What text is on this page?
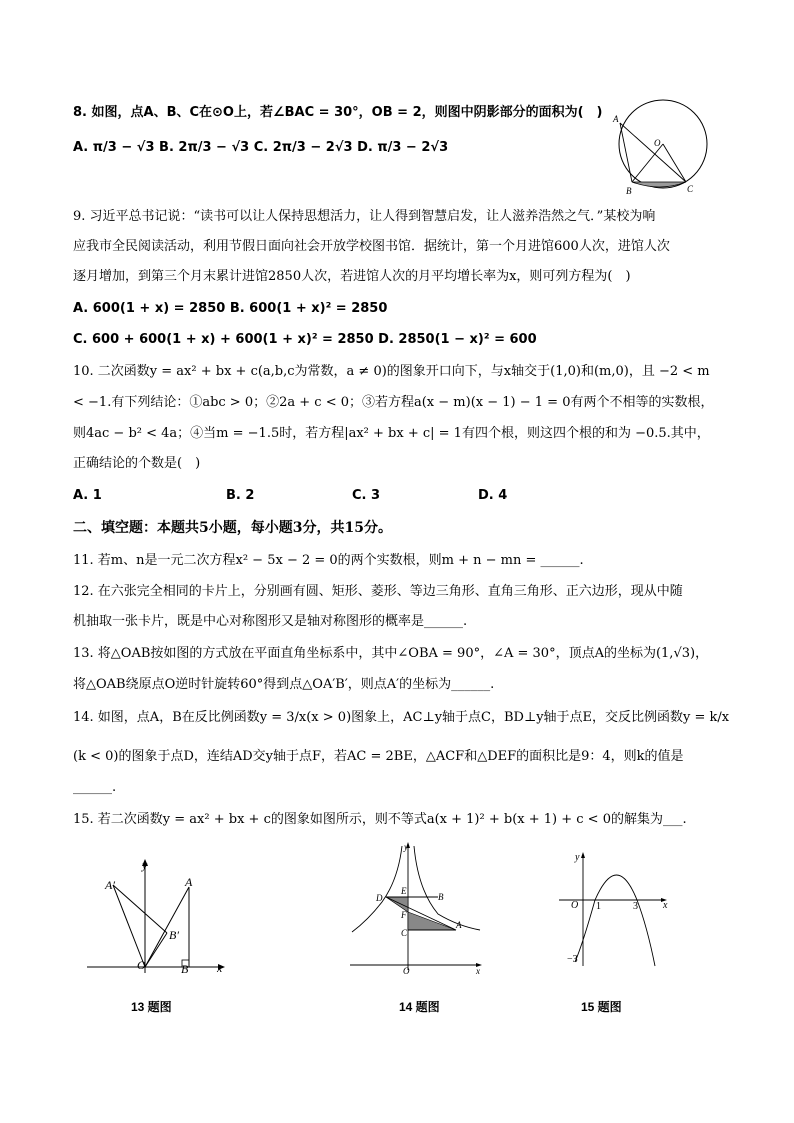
8. 如图，点A、B、C在⊙O上，若∠BAC = 30°，OB = 2，则图中阴影部分的面积为(　)
A. π/3 − √3 B. 2π/3 − √3 C. 2π/3 − 2√3 D. π/3 − 2√3
A
O
B	C
9. 习近平总书记说：“读书可以让人保持思想活力，让人得到智慧启发，让人滋养浩然之气．”某校为响
应我市全民阅读活动，利用节假日面向社会开放学校图书馆．据统计，第一个月进馆600人次，进馆人次
逐月增加，到第三个月末累计进馆2850人次，若进馆人次的月平均增长率为x，则可列方程为(　)
A. 600(1 + x) = 2850 B. 600(1 + x)² = 2850
C. 600 + 600(1 + x) + 600(1 + x)² = 2850 D. 2850(1 − x)² = 600
10. 二次函数y = ax² + bx + c(a,b,c为常数，a ≠ 0)的图象开口向下，与x轴交于(1,0)和(m,0)，且 −2 < m
< −1.有下列结论：①abc > 0；②2a + c < 0；③若方程a(x − m)(x − 1) − 1 = 0有两个不相等的实数根，
则4ac − b² < 4a；④当m = −1.5时，若方程|ax² + bx + c| = 1有四个根，则这四个根的和为 −0.5.其中，
正确结论的个数是(　)
A. 1	B. 2	C. 3	D. 4
二、填空题：本题共5小题，每小题3分，共15分。
11. 若m、n是一元二次方程x² − 5x − 2 = 0的两个实数根，则m + n − mn = ______.
12. 在六张完全相同的卡片上，分别画有圆、矩形、菱形、等边三角形、直角三角形、正六边形，现从中随
机抽取一张卡片，既是中心对称图形又是轴对称图形的概率是______.
13. 将△OAB按如图的方式放在平面直角坐标系中，其中∠OBA = 90°，∠A = 30°，顶点A的坐标为(1,√3)，
将△OAB绕原点O逆时针旋转60°得到点△OA′B′，则点A′的坐标为______.
14. 如图，点A，B在反比例函数y = 3/x(x > 0)图象上，AC⊥y轴于点C，BD⊥y轴于点E，交反比例函数y = k/x
(k < 0)的图象于点D，连结AD交y轴于点F，若AC = 2BE，△ACF和△DEF的面积比是9：4，则k的值是
______.
15. 若二次函数y = ax² + bx + c的图象如图所示，则不等式a(x + 1)² + b(x + 1) + c < 0的解集为___.
A′	A
B′
O	B
y
x
13 题图
y
D
E
B
F
C
A
O	x
14 题图
y
O 1	3	x
−3
15 题图
